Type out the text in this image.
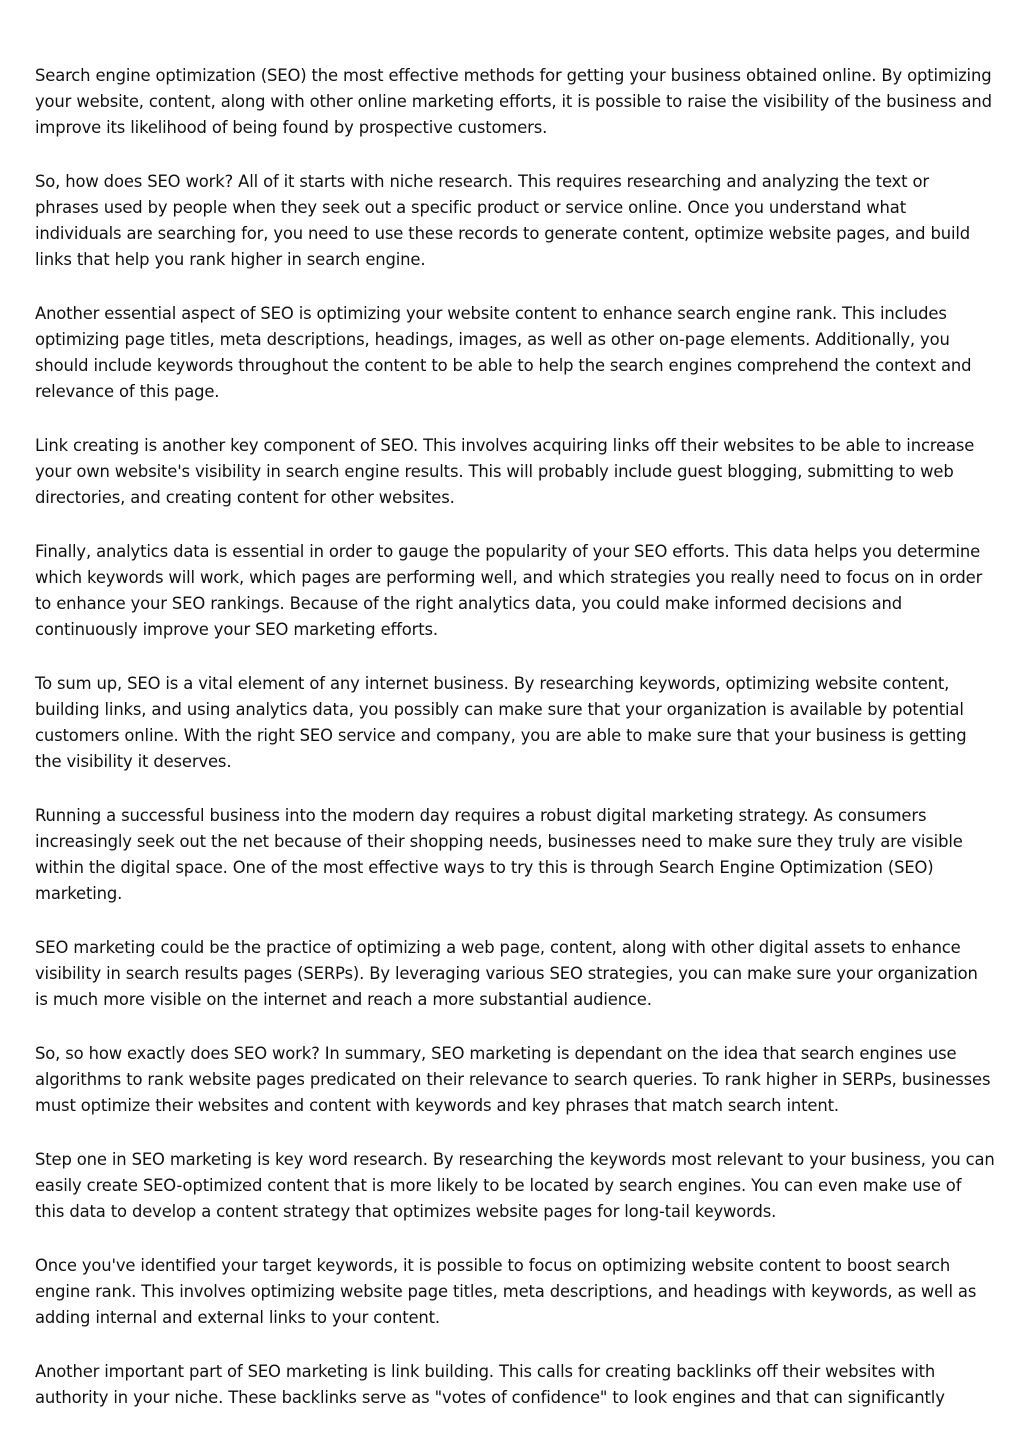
Search engine optimization (SEO) the most effective methods for getting your business obtained online. By optimizing your website, content, along with other online marketing efforts, it is possible to raise the visibility of the business and improve its likelihood of being found by prospective customers.

So, how does SEO work? All of it starts with niche research. This requires researching and analyzing the text or phrases used by people when they seek out a specific product or service online. Once you understand what individuals are searching for, you need to use these records to generate content, optimize website pages, and build links that help you rank higher in search engine.

Another essential aspect of SEO is optimizing your website content to enhance search engine rank. This includes optimizing page titles, meta descriptions, headings, images, as well as other on-page elements. Additionally, you should include keywords throughout the content to be able to help the search engines comprehend the context and relevance of this page.

Link creating is another key component of SEO. This involves acquiring links off their websites to be able to increase your own website's visibility in search engine results. This will probably include guest blogging, submitting to web directories, and creating content for other websites.

Finally, analytics data is essential in order to gauge the popularity of your SEO efforts. This data helps you determine which keywords will work, which pages are performing well, and which strategies you really need to focus on in order to enhance your SEO rankings. Because of the right analytics data, you could make informed decisions and continuously improve your SEO marketing efforts.

To sum up, SEO is a vital element of any internet business. By researching keywords, optimizing website content, building links, and using analytics data, you possibly can make sure that your organization is available by potential customers online. With the right SEO service and company, you are able to make sure that your business is getting the visibility it deserves.

Running a successful business into the modern day requires a robust digital marketing strategy. As consumers increasingly seek out the net because of their shopping needs, businesses need to make sure they truly are visible within the digital space. One of the most effective ways to try this is through Search Engine Optimization (SEO) marketing.

SEO marketing could be the practice of optimizing a web page, content, along with other digital assets to enhance visibility in search results pages (SERPs). By leveraging various SEO strategies, you can make sure your organization is much more visible on the internet and reach a more substantial audience.

So, so how exactly does SEO work? In summary, SEO marketing is dependant on the idea that search engines use algorithms to rank website pages predicated on their relevance to search queries. To rank higher in SERPs, businesses must optimize their websites and content with keywords and key phrases that match search intent.

Step one in SEO marketing is key word research. By researching the keywords most relevant to your business, you can easily create SEO-optimized content that is more likely to be located by search engines. You can even make use of this data to develop a content strategy that optimizes website pages for long-tail keywords.

Once you've identified your target keywords, it is possible to focus on optimizing website content to boost search engine rank. This involves optimizing website page titles, meta descriptions, and headings with keywords, as well as adding internal and external links to your content.

Another important part of SEO marketing is link building. This calls for creating backlinks off their websites with authority in your niche. These backlinks serve as "votes of confidence" to look engines and that can significantly
